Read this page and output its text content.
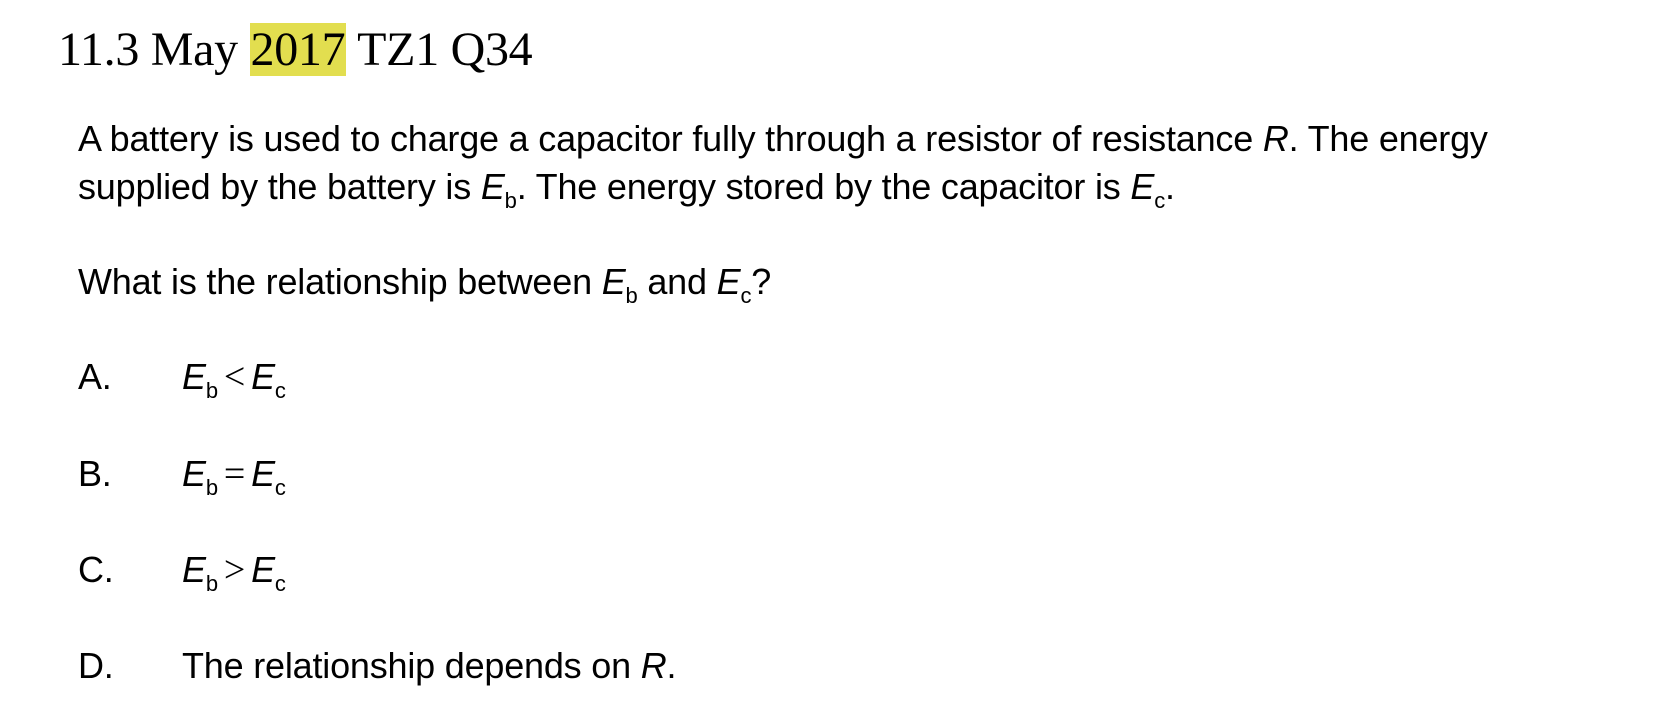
11.3 May 2017 TZ1 Q34
A battery is used to charge a capacitor fully through a resistor of resistance R. The energy
supplied by the battery is $E_b$. The energy stored by the capacitor is $E_c$.
What is the relationship between $E_b$ and $E_c$?
A. $E_b < E_c$
B. $E_b = E_c$
C. $E_b > E_c$
D. The relationship depends on R.
